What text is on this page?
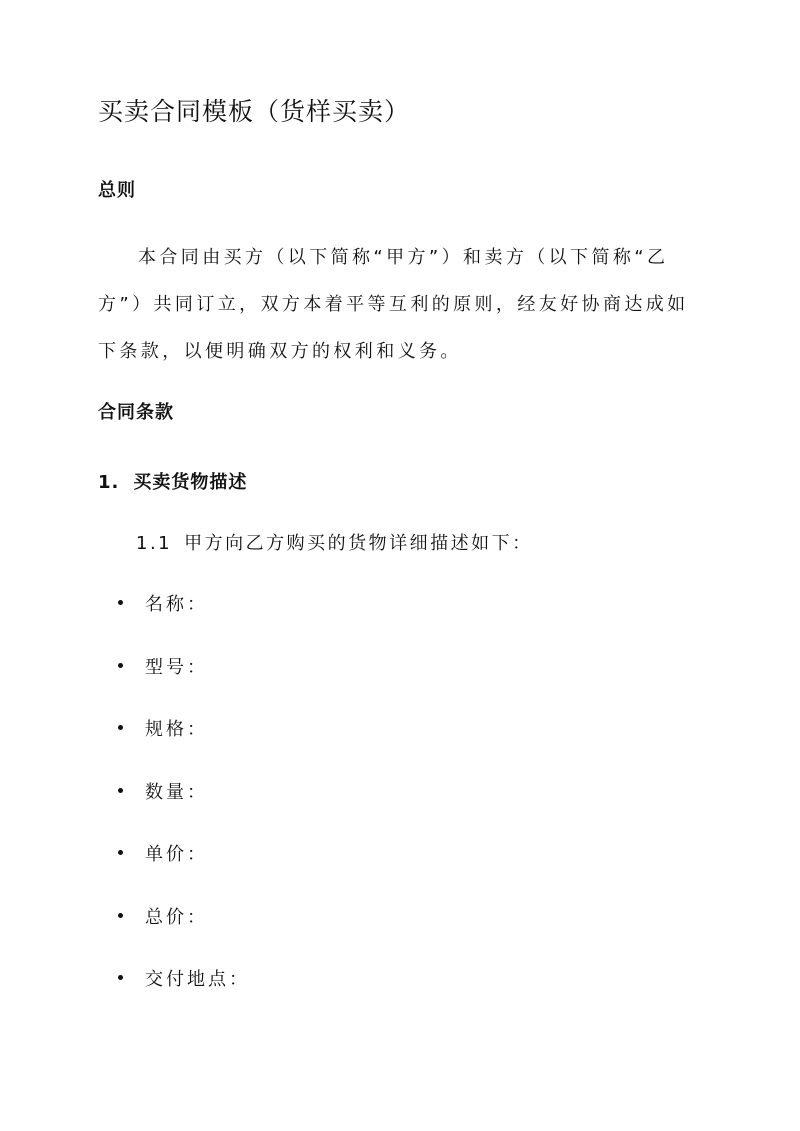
买卖合同模板（货样买卖）
总则

本合同由买方（以下简称“甲方”）和卖方（以下简称“乙方”）共同订立，双方本着平等互利的原则，经友好协商达成如下条款，以便明确双方的权利和义务。

合同条款
1. 买卖货物描述

1.1 甲方向乙方购买的货物详细描述如下：

名称：
型号：
规格：
数量：
单价：
总价：
交付地点：
